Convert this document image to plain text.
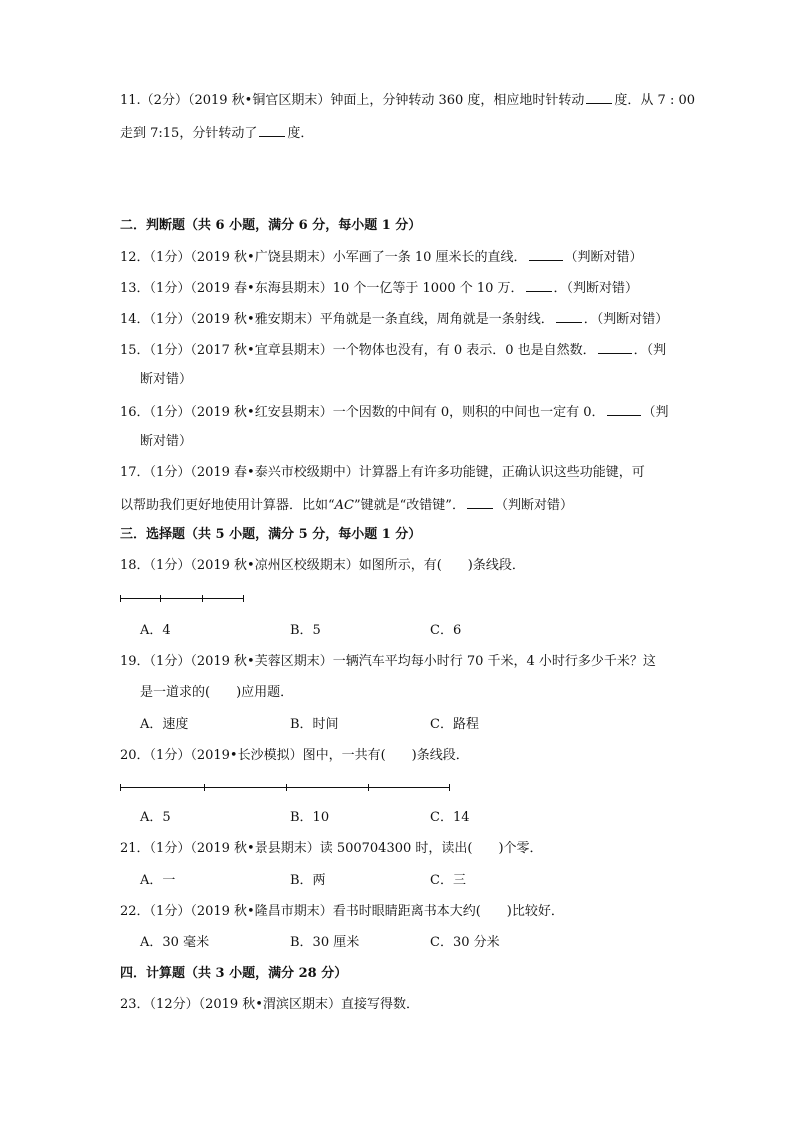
11.（2分）（2019 秋•铜官区期末）钟面上，分钟转动 360 度，相应地时针转动 度．从 7 : 00
走到 7:15，分针转动了 度．
二．判断题（共 6 小题，满分 6 分，每小题 1 分）
12．（1分）（2019 秋•广饶县期末）小军画了一条 10 厘米长的直线．	（判断对错）
13．（1分）（2019 春•东海县期末）10 个一亿等于 1000 个 10 万． ．（判断对错）
14．（1分）（2019 秋•雅安期末）平角就是一条直线，周角就是一条射线． ．（判断对错）
15．（1分）（2017 秋•宜章县期末）一个物体也没有，有 0 表示．0 也是自然数．	．（判
断对错）
16．（1分）（2019 秋•红安县期末）一个因数的中间有 0，则积的中间也一定有 0．	（判
断对错）
17．（1分）（2019 春•泰兴市校级期中）计算器上有许多功能键，正确认识这些功能键，可
以帮助我们更好地使用计算器．比如“AC”键就是“改错键”． （判断对错）
三．选择题（共 5 小题，满分 5 分，每小题 1 分）
18．（1分）（2019 秋•凉州区校级期末）如图所示，有( )条线段．
A．4	B．5	C．6
19．（1分）（2019 秋•芙蓉区期末）一辆汽车平均每小时行 70 千米，4 小时行多少千米？这
是一道求的( )应用题．
A．速度	B．时间	C．路程
20．（1分）（2019•长沙模拟）图中，一共有( )条线段．
A．5	B．10	C．14
21．（1分）（2019 秋•景县期末）读 500704300 时，读出( )个零．
A．一	B．两	C．三
22．（1分）（2019 秋•隆昌市期末）看书时眼睛距离书本大约( )比较好．
A．30 毫米	B．30 厘米	C．30 分米
四．计算题（共 3 小题，满分 28 分）
23．（12分）（2019 秋•渭滨区期末）直接写得数．
